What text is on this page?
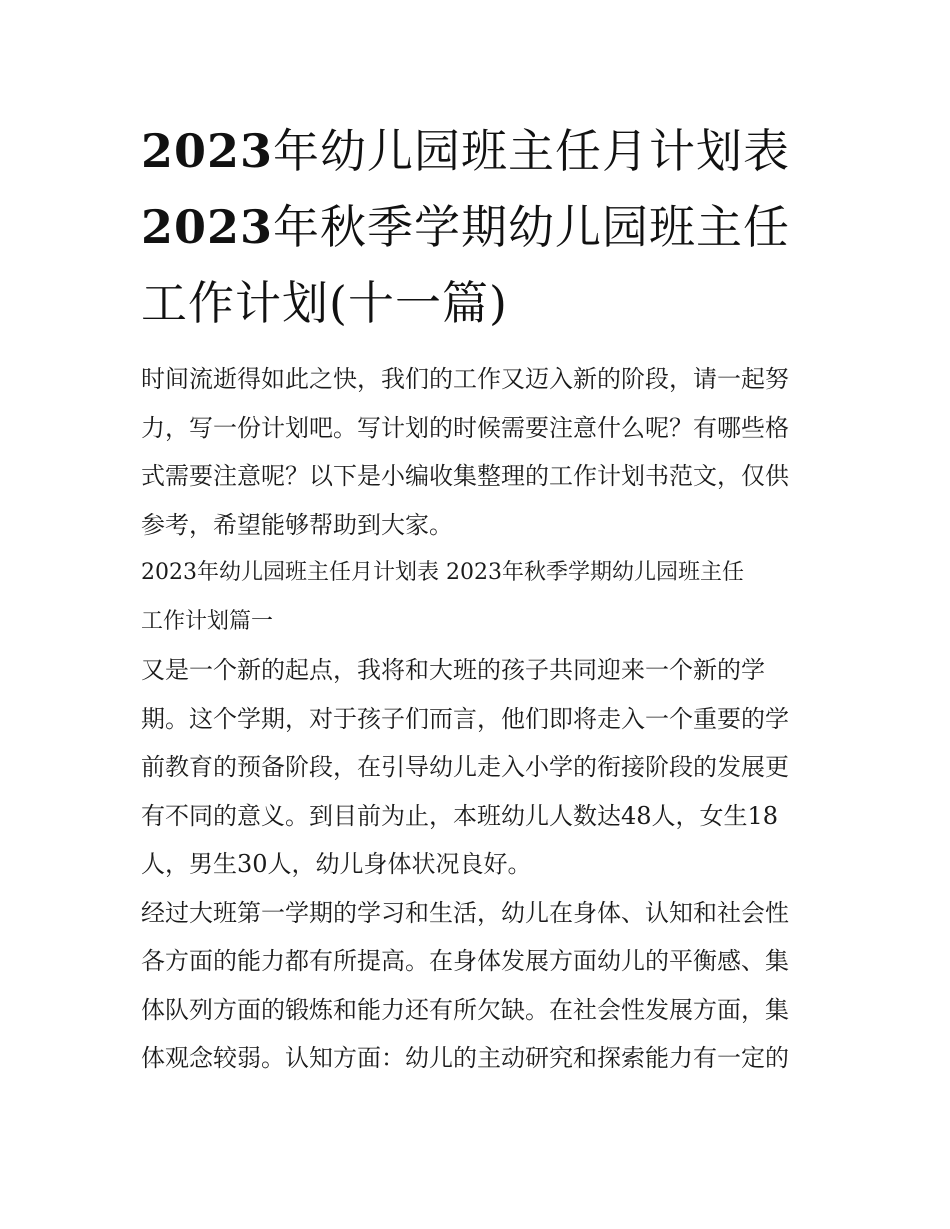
2023年幼儿园班主任月计划表
2023年秋季学期幼儿园班主任
工作计划(十一篇)

时间流逝得如此之快，我们的工作又迈入新的阶段，请一起努
力，写一份计划吧。写计划的时候需要注意什么呢？有哪些格
式需要注意呢？以下是小编收集整理的工作计划书范文，仅供
参考，希望能够帮助到大家。

2023年幼儿园班主任月计划表 2023年秋季学期幼儿园班主任
工作计划篇一

又是一个新的起点，我将和大班的孩子共同迎来一个新的学
期。这个学期，对于孩子们而言，他们即将走入一个重要的学
前教育的预备阶段，在引导幼儿走入小学的衔接阶段的发展更
有不同的意义。到目前为止，本班幼儿人数达48人，女生18
人，男生30人，幼儿身体状况良好。

经过大班第一学期的学习和生活，幼儿在身体、认知和社会性
各方面的能力都有所提高。在身体发展方面幼儿的平衡感、集
体队列方面的锻炼和能力还有所欠缺。在社会性发展方面，集
体观念较弱。认知方面：幼儿的主动研究和探索能力有一定的
